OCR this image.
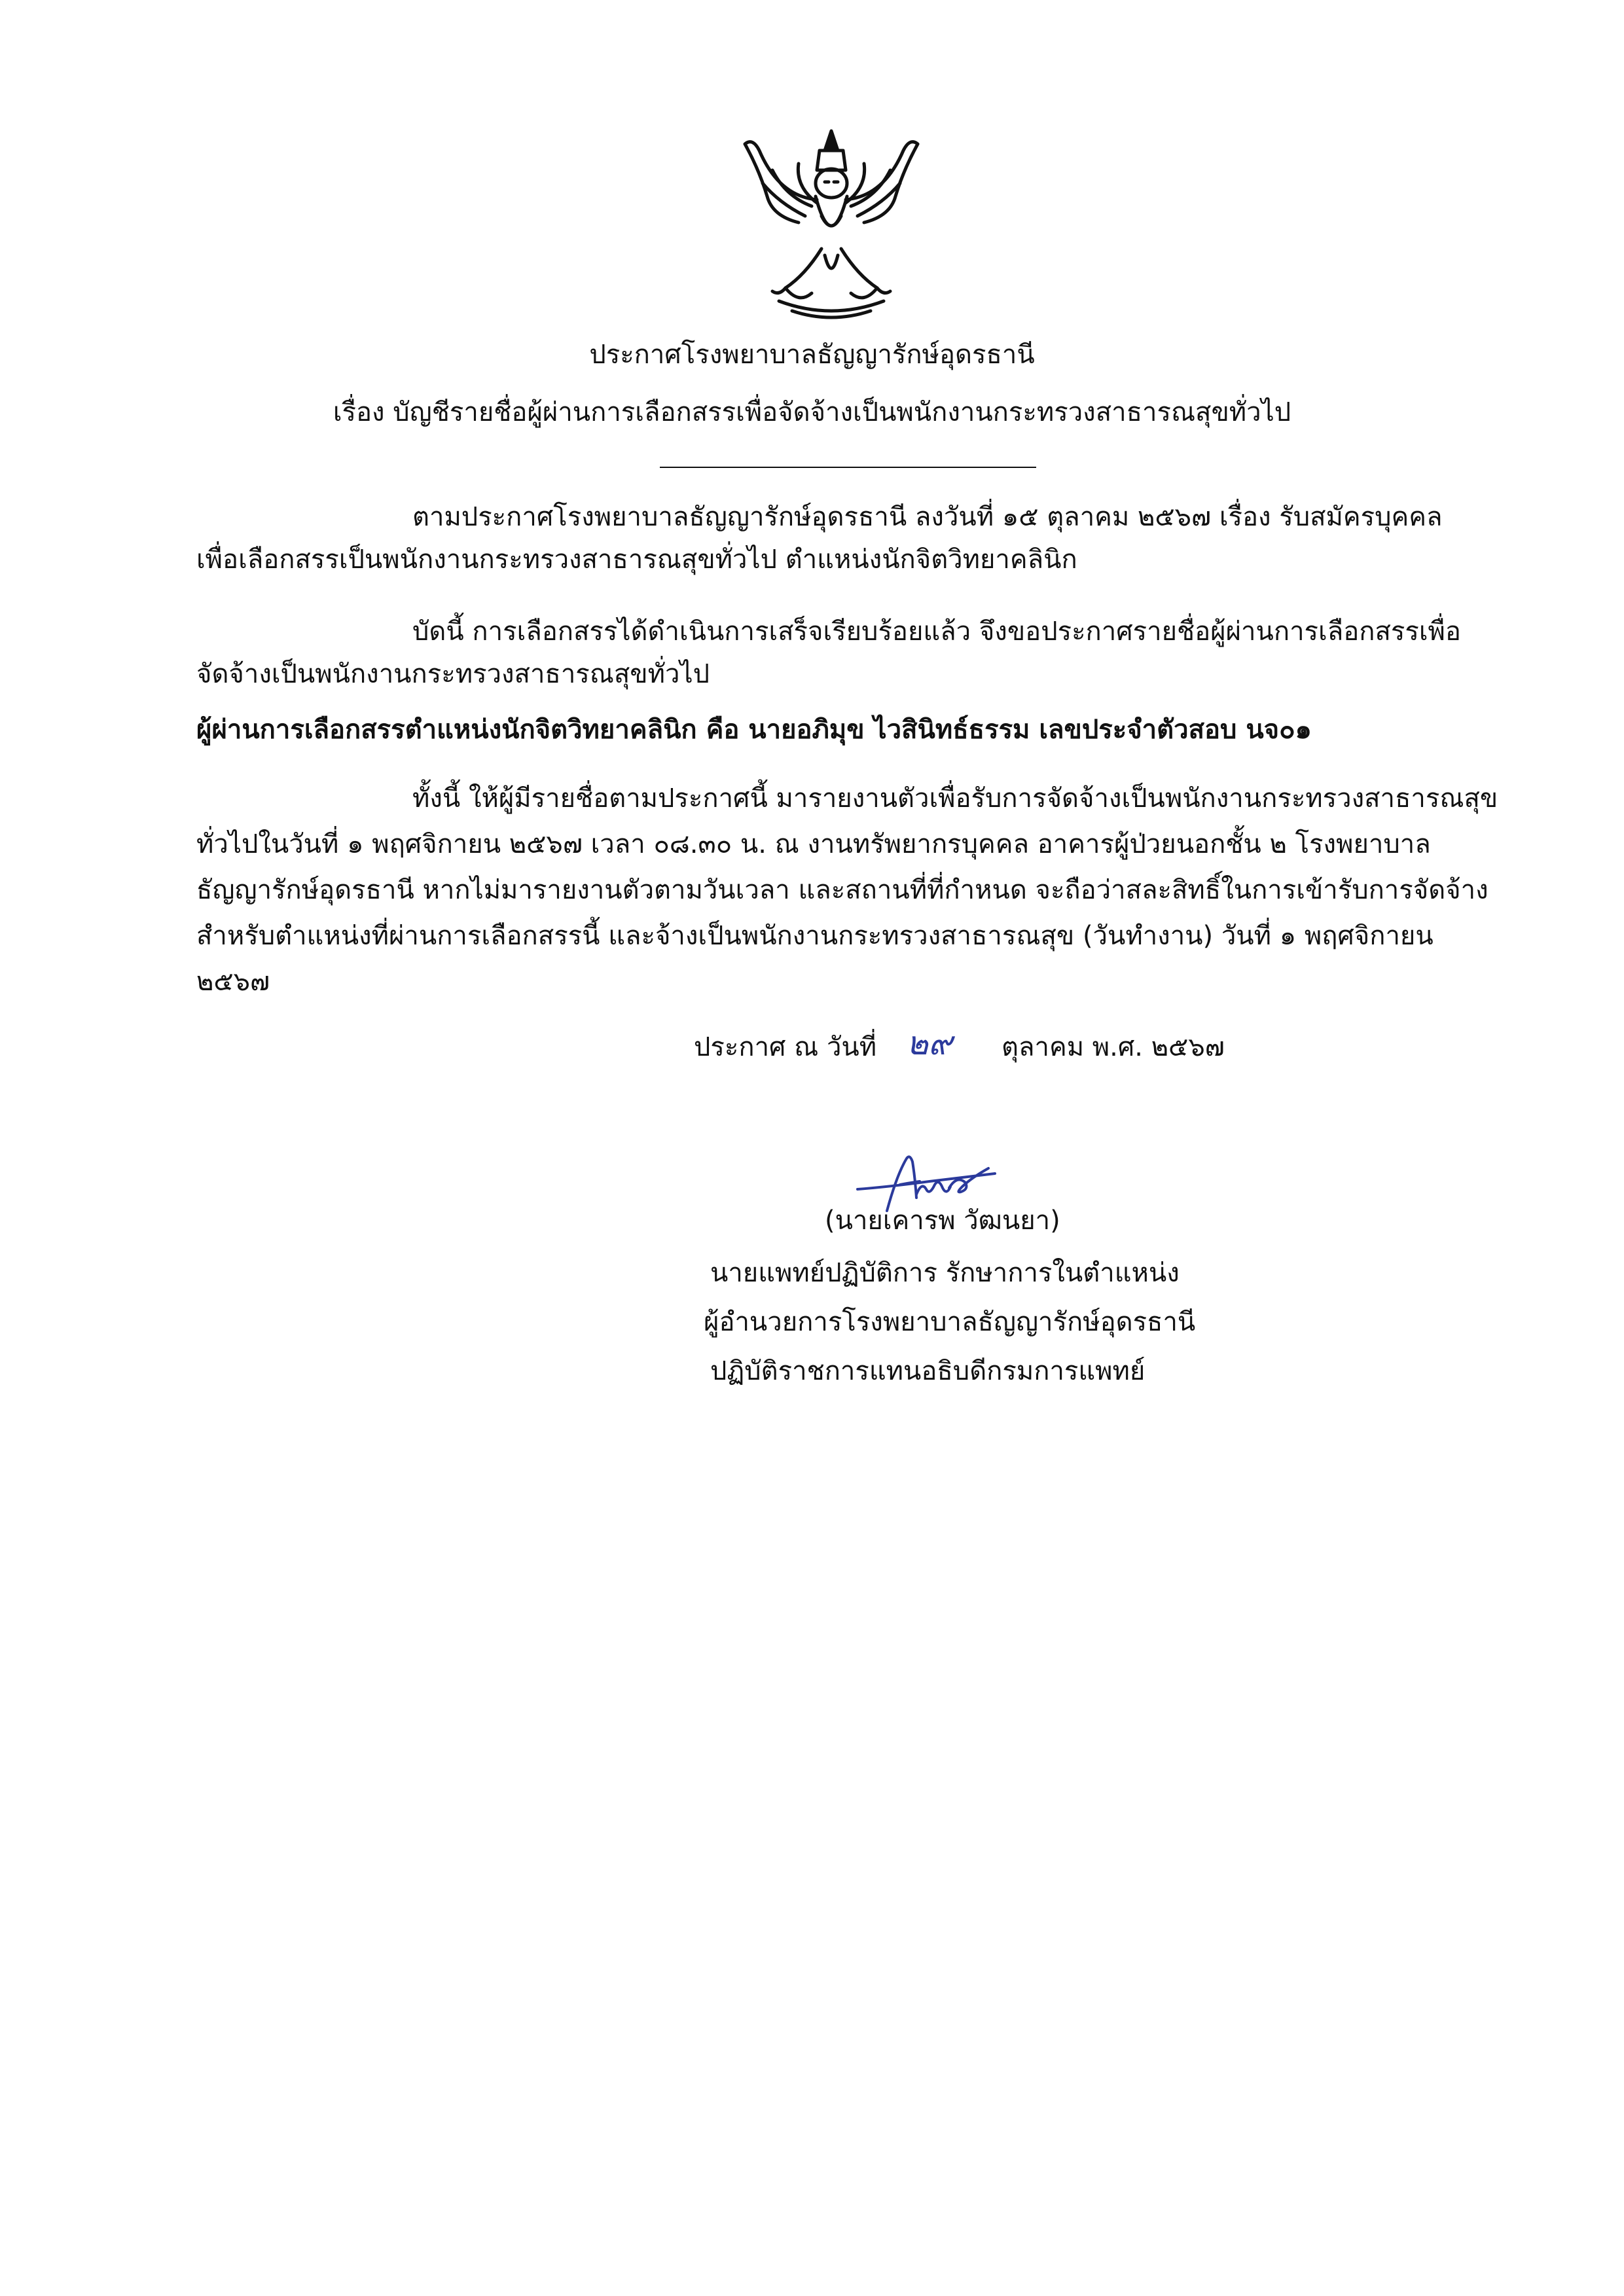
ประกาศโรงพยาบาลธัญญารักษ์อุดรธานี
เรื่อง บัญชีรายชื่อผู้ผ่านการเลือกสรรเพื่อจัดจ้างเป็นพนักงานกระทรวงสาธารณสุขทั่วไป
ตามประกาศโรงพยาบาลธัญญารักษ์อุดรธานี ลงวันที่ ๑๕ ตุลาคม ๒๕๖๗ เรื่อง รับสมัครบุคคล
เพื่อเลือกสรรเป็นพนักงานกระทรวงสาธารณสุขทั่วไป ตำแหน่งนักจิตวิทยาคลินิก
บัดนี้ การเลือกสรรได้ดำเนินการเสร็จเรียบร้อยแล้ว จึงขอประกาศรายชื่อผู้ผ่านการเลือกสรรเพื่อ
จัดจ้างเป็นพนักงานกระทรวงสาธารณสุขทั่วไป
ผู้ผ่านการเลือกสรรตำแหน่งนักจิตวิทยาคลินิก คือ นายอภิมุข ไวสินิทธ์ธรรม เลขประจำตัวสอบ นจ๐๑
ทั้งนี้ ให้ผู้มีรายชื่อตามประกาศนี้ มารายงานตัวเพื่อรับการจัดจ้างเป็นพนักงานกระทรวงสาธารณสุข
ทั่วไปในวันที่ ๑ พฤศจิกายน ๒๕๖๗ เวลา ๐๘.๓๐ น. ณ งานทรัพยากรบุคคล อาคารผู้ป่วยนอกชั้น ๒ โรงพยาบาล
ธัญญารักษ์อุดรธานี หากไม่มารายงานตัวตามวันเวลา และสถานที่ที่กำหนด จะถือว่าสละสิทธิ์ในการเข้ารับการจัดจ้าง
สำหรับตำแหน่งที่ผ่านการเลือกสรรนี้ และจ้างเป็นพนักงานกระทรวงสาธารณสุข (วันทำงาน) วันที่ ๑ พฤศจิกายน
๒๕๖๗
ประกาศ ณ วันที่ ๒๙ ตุลาคม พ.ศ. ๒๕๖๗
(นายเคารพ วัฒนยา)
นายแพทย์ปฏิบัติการ รักษาการในตำแหน่ง
ผู้อำนวยการโรงพยาบาลธัญญารักษ์อุดรธานี
ปฏิบัติราชการแทนอธิบดีกรมการแพทย์
